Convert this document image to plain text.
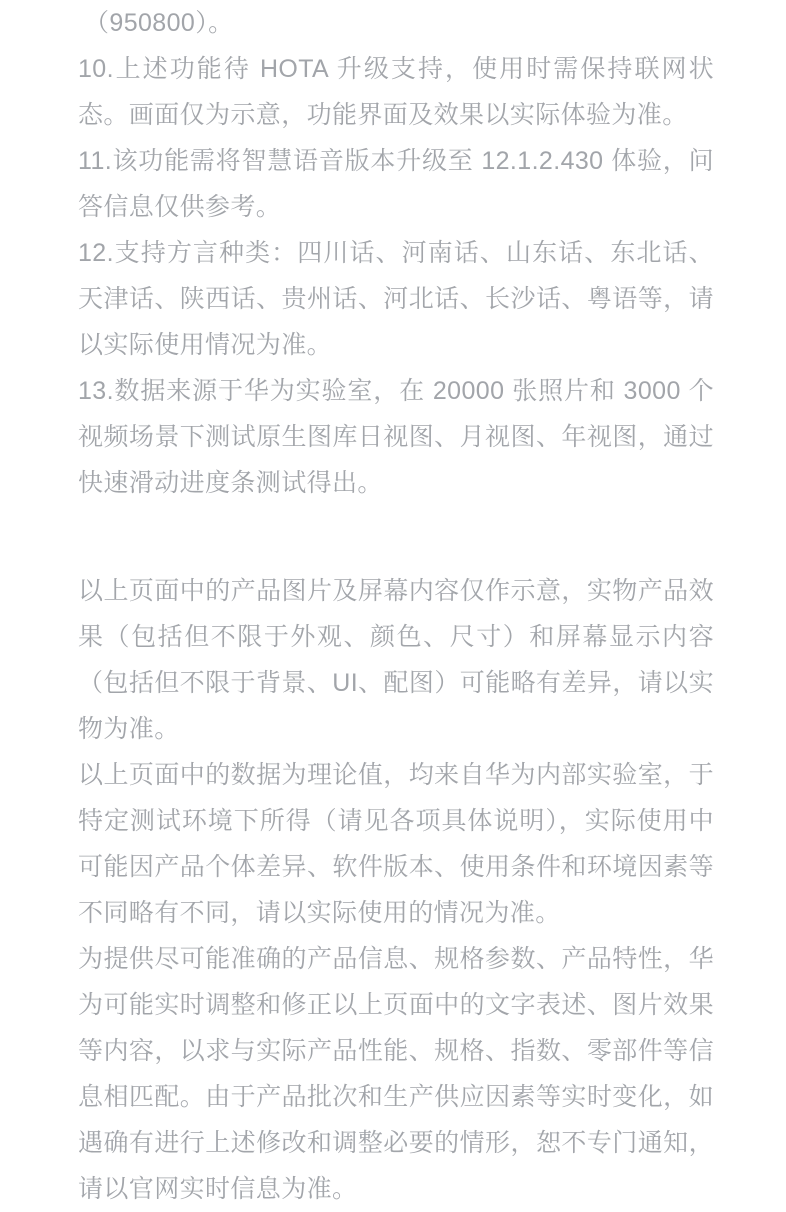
（950800）。

10.上述功能待 HOTA 升级支持，使用时需保持联网状态。画面仅为示意，功能界面及效果以实际体验为准。

11.该功能需将智慧语音版本升级至 12.1.2.430 体验，问答信息仅供参考。

12.支持方言种类：四川话、河南话、山东话、东北话、天津话、陕西话、贵州话、河北话、长沙话、粤语等，请以实际使用情况为准。

13.数据来源于华为实验室，在 20000 张照片和 3000 个视频场景下测试原生图库日视图、月视图、年视图，通过快速滑动进度条测试得出。

以上页面中的产品图片及屏幕内容仅作示意，实物产品效果（包括但不限于外观、颜色、尺寸）和屏幕显示内容（包括但不限于背景、UI、配图）可能略有差异，请以实物为准。

以上页面中的数据为理论值，均来自华为内部实验室，于特定测试环境下所得（请见各项具体说明），实际使用中可能因产品个体差异、软件版本、使用条件和环境因素等不同略有不同，请以实际使用的情况为准。

为提供尽可能准确的产品信息、规格参数、产品特性，华为可能实时调整和修正以上页面中的文字表述、图片效果等内容，以求与实际产品性能、规格、指数、零部件等信息相匹配。由于产品批次和生产供应因素等实时变化，如遇确有进行上述修改和调整必要的情形，恕不专门通知，请以官网实时信息为准。
